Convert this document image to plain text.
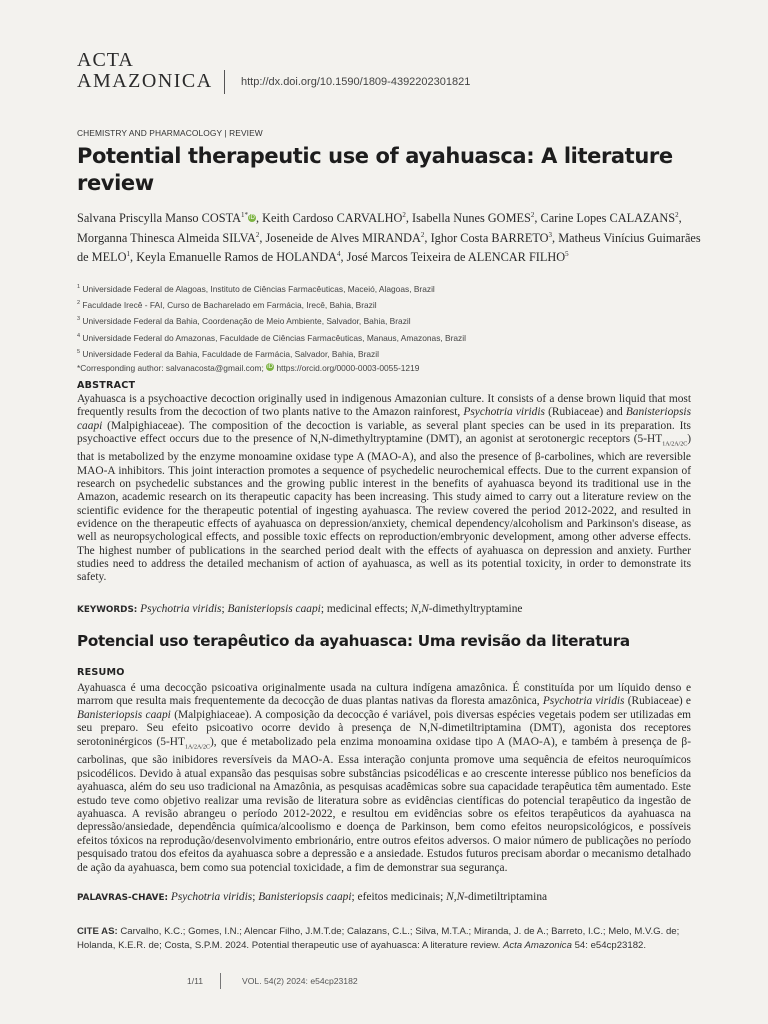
ACTA
AMAZONICA	http://dx.doi.org/10.1590/1809-4392202301821
CHEMISTRY AND PHARMACOLOGY | REVIEW
Potential therapeutic use of ayahuasca: A literature review
Salvana Priscylla Manso $COSTA^{1*}iD$, Keith Cardoso CARVALHO$^2$, Isabella Nunes GOMES$^2$, Carine Lopes CALAZANS$^2$, Morganna Thinesca Almeida SILVA$^2$, Joseneide de Alves MIRANDA$^2$, Ighor Costa BARRETO$^3$, Matheus Vinícius Guimarães de MELO$^1$, Keyla Emanuelle Ramos de HOLANDA$^4$, José Marcos Teixeira de ALENCAR FILHO$^5$
$^1$ Universidade Federal de Alagoas, Instituto de Ciências Farmacêuticas, Maceió, Alagoas, Brazil
$^2$ Faculdade Irecê - FAI, Curso de Bacharelado em Farmácia, Irecê, Bahia, Brazil
$^3$ Universidade Federal da Bahia, Coordenação de Meio Ambiente, Salvador, Bahia, Brazil
$^4$ Universidade Federal do Amazonas, Faculdade de Ciências Farmacêuticas, Manaus, Amazonas, Brazil
$^5$ Universidade Federal da Bahia, Faculdade de Farmácia, Salvador, Bahia, Brazil
*Corresponding author: salvanacosta@gmail.com; iD https://orcid.org/0000-0003-0055-1219
ABSTRACT

Ayahuasca is a psychoactive decoction originally used in indigenous Amazonian culture. It consists of a dense brown liquid that most frequently results from the decoction of two plants native to the Amazon rainforest, Psychotria viridis (Rubiaceae) and Banisteriopsis caapi (Malpighiaceae). The composition of the decoction is variable, as several plant species can be used in its preparation. Its psychoactive effect occurs due to the presence of N,N-dimethyltryptamine (DMT), an agonist at serotonergic receptors $(5-HT_{1A/2A/2C})$ that is metabolized by the enzyme monoamine oxidase type A (MAO-A), and also the presence of β-carbolines, which are reversible MAO-A inhibitors. This joint interaction promotes a sequence of psychedelic neurochemical effects. Due to the current expansion of research on psychedelic substances and the growing public interest in the benefits of ayahuasca beyond its traditional use in the Amazon, academic research on its therapeutic capacity has been increasing. This study aimed to carry out a literature review on the scientific evidence for the therapeutic potential of ingesting ayahuasca. The review covered the period 2012-2022, and resulted in evidence on the therapeutic effects of ayahuasca on depression/anxiety, chemical dependency/alcoholism and Parkinson's disease, as well as neuropsychological effects, and possible toxic effects on reproduction/embryonic development, among other adverse effects. The highest number of publications in the searched period dealt with the effects of ayahuasca on depression and anxiety. Further studies need to address the detailed mechanism of action of ayahuasca, as well as its potential toxicity, in order to demonstrate its safety.

KEYWORDS: Psychotria viridis; Banisteriopsis caapi; medicinal effects; N,N-dimethyltryptamine
Potencial uso terapêutico da ayahuasca: Uma revisão da literatura
RESUMO

Ayahuasca é uma decocção psicoativa originalmente usada na cultura indígena amazônica. É constituída por um líquido denso e marrom que resulta mais frequentemente da decocção de duas plantas nativas da floresta amazônica, Psychotria viridis (Rubiaceae) e Banisteriopsis caapi (Malpighiaceae). A composição da decocção é variável, pois diversas espécies vegetais podem ser utilizadas em seu preparo. Seu efeito psicoativo ocorre devido à presença de N,N-dimetiltriptamina (DMT), agonista dos receptores serotoninérgicos $(5-HT_{1A/2A/2C})$, que é metabolizado pela enzima monoamina oxidase tipo A (MAO-A), e também à presença de β-carbolinas, que são inibidores reversíveis da MAO-A. Essa interação conjunta promove uma sequência de efeitos neuroquímicos psicodélicos. Devido à atual expansão das pesquisas sobre substâncias psicodélicas e ao crescente interesse público nos benefícios da ayahuasca, além do seu uso tradicional na Amazônia, as pesquisas acadêmicas sobre sua capacidade terapêutica têm aumentado. Este estudo teve como objetivo realizar uma revisão de literatura sobre as evidências científicas do potencial terapêutico da ingestão de ayahuasca. A revisão abrangeu o período 2012-2022, e resultou em evidências sobre os efeitos terapêuticos da ayahuasca na depressão/ansiedade, dependência química/alcoolismo e doença de Parkinson, bem como efeitos neuropsicológicos, e possíveis efeitos tóxicos na reprodução/desenvolvimento embrionário, entre outros efeitos adversos. O maior número de publicações no período pesquisado tratou dos efeitos da ayahuasca sobre a depressão e a ansiedade. Estudos futuros precisam abordar o mecanismo detalhado de ação da ayahuasca, bem como sua potencial toxicidade, a fim de demonstrar sua segurança.

PALAVRAS-CHAVE: Psychotria viridis; Banisteriopsis caapi; efeitos medicinais; N,N-dimetiltriptamina
CITE AS: Carvalho, K.C.; Gomes, I.N.; Alencar Filho, J.M.T.de; Calazans, C.L.; Silva, M.T.A.; Miranda, J. de A.; Barreto, I.C.; Melo, M.V.G. de; Holanda, K.E.R. de; Costa, S.P.M. 2024. Potential therapeutic use of ayahuasca: A literature review. Acta Amazonica 54: e54cp23182.
1/11	VOL. 54(2) 2024: e54cp23182
